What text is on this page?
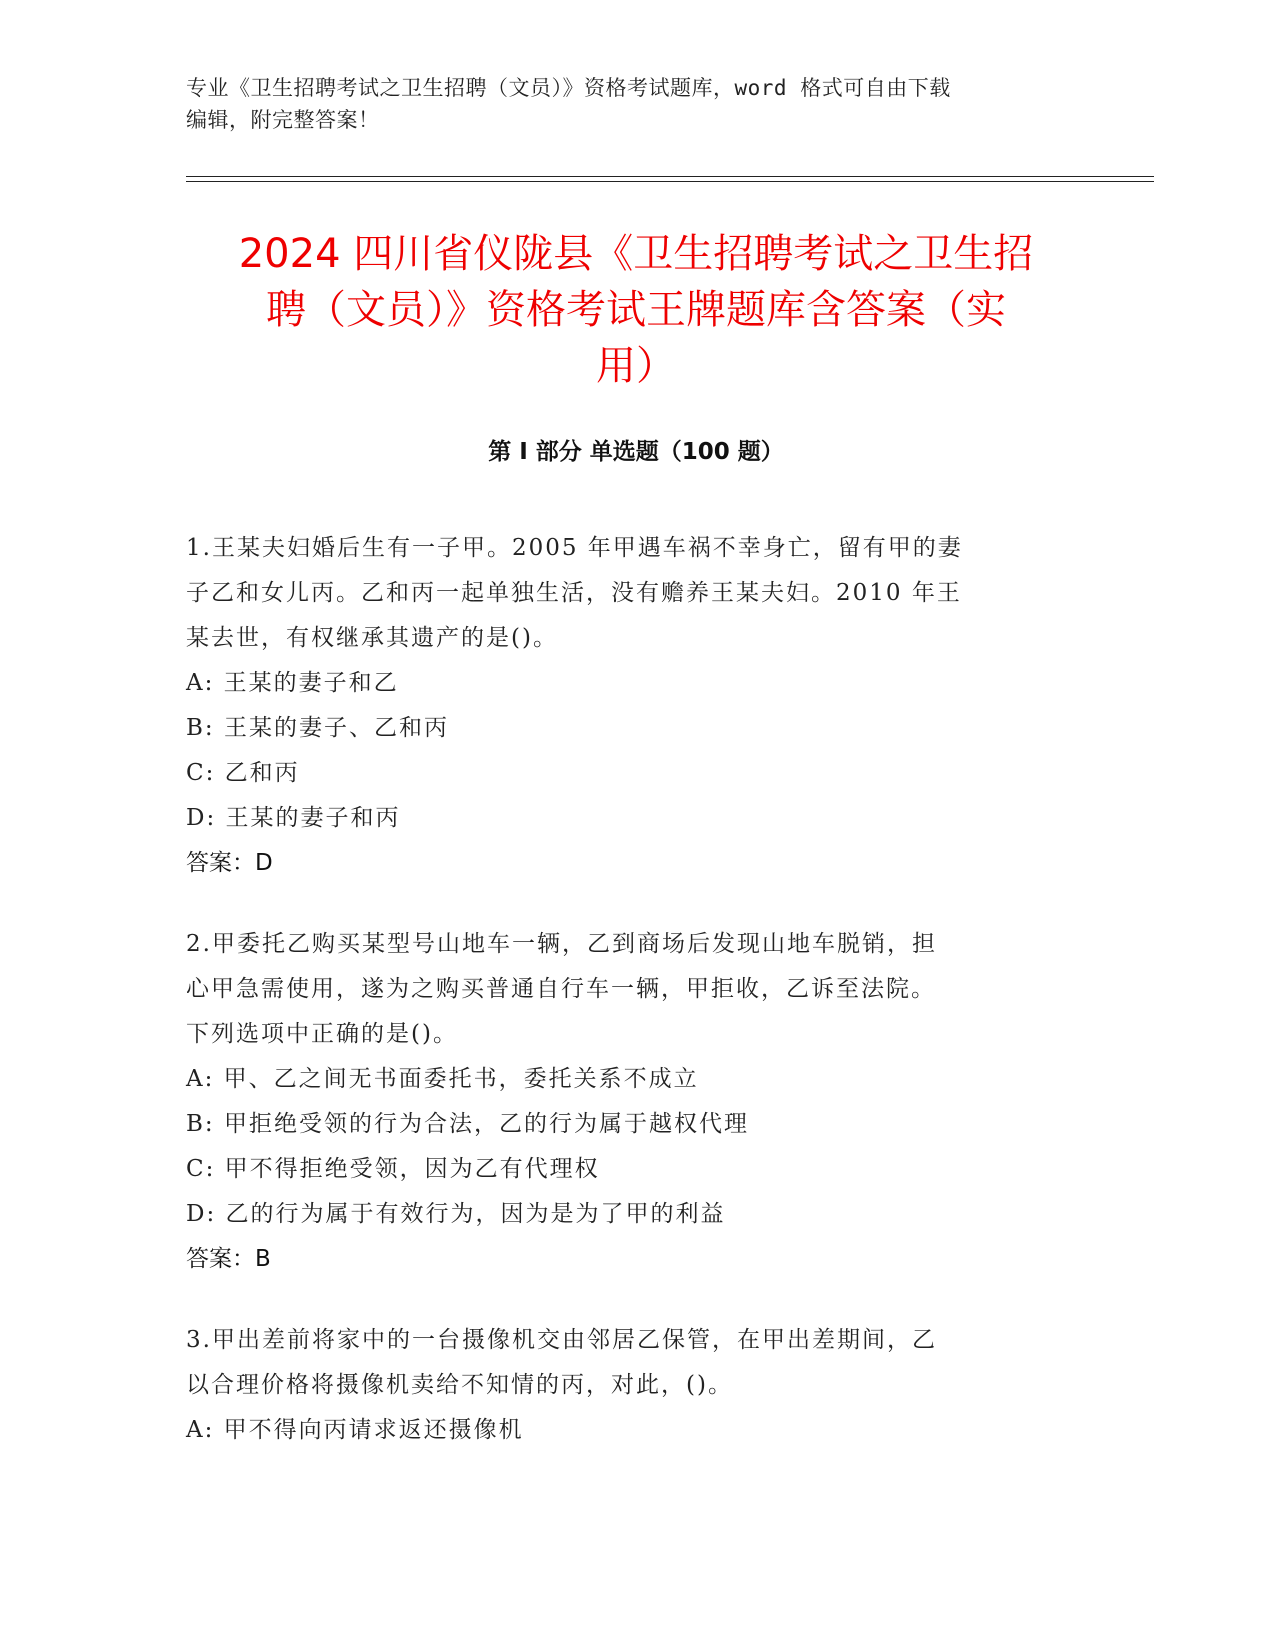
专业《卫生招聘考试之卫生招聘（文员）》资格考试题库，word 格式可自由下载
编辑，附完整答案！
2024 四川省仪陇县《卫生招聘考试之卫生招
聘（文员）》资格考试王牌题库含答案（实
用）
第 I 部分 单选题（100 题）

1.王某夫妇婚后生有一子甲。2005 年甲遇车祸不幸身亡，留有甲的妻

子乙和女儿丙。乙和丙一起单独生活，没有赡养王某夫妇。2010 年王

某去世，有权继承其遗产的是()。

A: 王某的妻子和乙

B: 王某的妻子、乙和丙

C: 乙和丙

D: 王某的妻子和丙

答案：D

2.甲委托乙购买某型号山地车一辆，乙到商场后发现山地车脱销，担

心甲急需使用，遂为之购买普通自行车一辆，甲拒收，乙诉至法院。

下列选项中正确的是()。

A: 甲、乙之间无书面委托书，委托关系不成立

B: 甲拒绝受领的行为合法，乙的行为属于越权代理

C: 甲不得拒绝受领，因为乙有代理权

D: 乙的行为属于有效行为，因为是为了甲的利益

答案：B

3.甲出差前将家中的一台摄像机交由邻居乙保管，在甲出差期间，乙

以合理价格将摄像机卖给不知情的丙，对此，()。

A: 甲不得向丙请求返还摄像机
